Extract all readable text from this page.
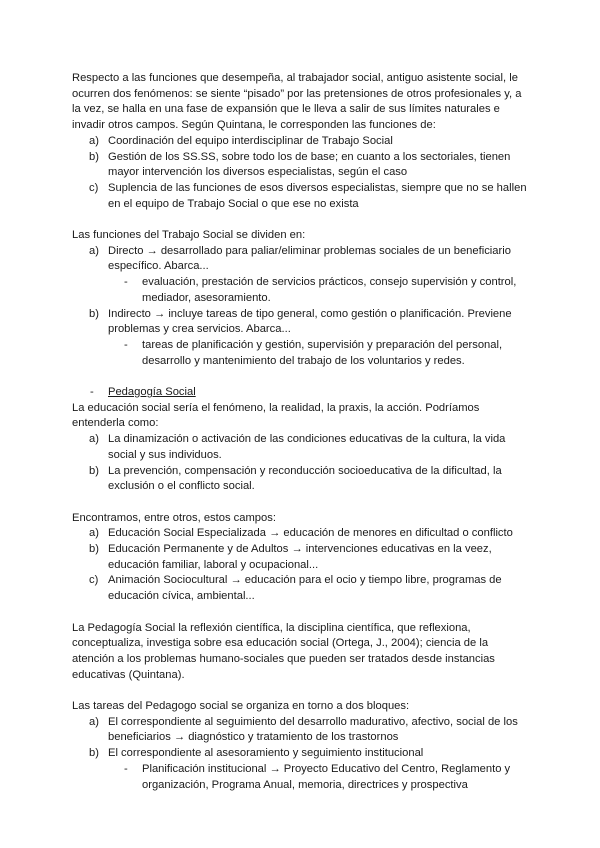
Respecto a las funciones que desempeña, al trabajador social, antiguo asistente social, le ocurren dos fenómenos: se siente “pisado” por las pretensiones de otros profesionales y, a la vez, se halla en una fase de expansión que le lleva a salir de sus límites naturales e invadir otros campos. Según Quintana, le corresponden las funciones de:

a) Coordinación del equipo interdisciplinar de Trabajo Social
b) Gestión de los SS.SS, sobre todo los de base; en cuanto a los sectoriales, tienen mayor intervención los diversos especialistas, según el caso
c) Suplencia de las funciones de esos diversos especialistas, siempre que no se hallen en el equipo de Trabajo Social o que ese no exista

Las funciones del Trabajo Social se dividen en:

a) Directo → desarrollado para paliar/eliminar problemas sociales de un beneficiario específico. Abarca...
- evaluación, prestación de servicios prácticos, consejo supervisión y control, mediador, asesoramiento.
b) Indirecto → incluye tareas de tipo general, como gestión o planificación. Previene problemas y crea servicios. Abarca...
- tareas de planificación y gestión, supervisión y preparación del personal, desarrollo y mantenimiento del trabajo de los voluntarios y redes.
- Pedagogía Social

La educación social sería el fenómeno, la realidad, la praxis, la acción. Podríamos entenderla como:

a) La dinamización o activación de las condiciones educativas de la cultura, la vida social y sus individuos.
b) La prevención, compensación y reconducción socioeducativa de la dificultad, la exclusión o el conflicto social.

Encontramos, entre otros, estos campos:

a) Educación Social Especializada → educación de menores en dificultad o conflicto
b) Educación Permanente y de Adultos → intervenciones educativas en la veez, educación familiar, laboral y ocupacional...
c) Animación Sociocultural → educación para el ocio y tiempo libre, programas de educación cívica, ambiental...

La Pedagogía Social la reflexión científica, la disciplina científica, que reflexiona, conceptualiza, investiga sobre esa educación social (Ortega, J., 2004); ciencia de la atención a los problemas humano-sociales que pueden ser tratados desde instancias educativas (Quintana).

Las tareas del Pedagogo social se organiza en torno a dos bloques:

a) El correspondiente al seguimiento del desarrollo madurativo, afectivo, social de los beneficiarios → diagnóstico y tratamiento de los trastornos
b) El correspondiente al asesoramiento y seguimiento institucional
- Planificación institucional → Proyecto Educativo del Centro, Reglamento y organización, Programa Anual, memoria, directrices y prospectiva
